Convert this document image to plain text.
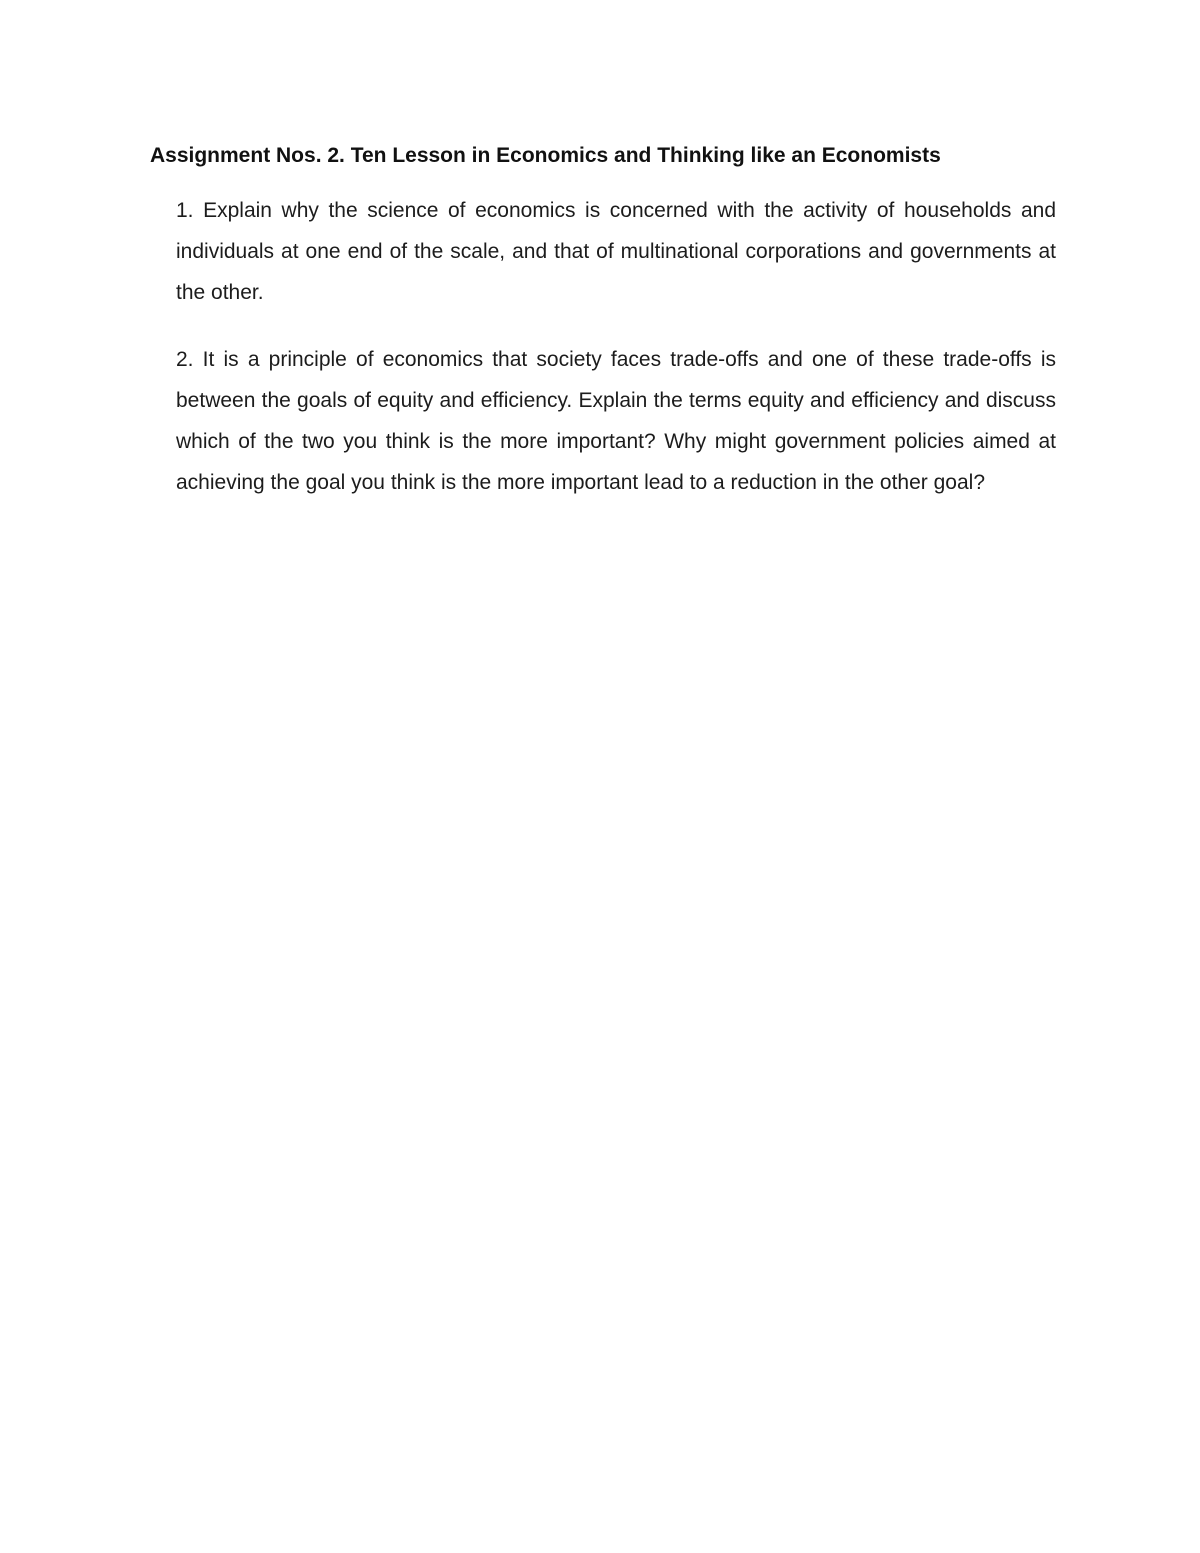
Assignment Nos. 2. Ten Lesson in Economics and Thinking like an Economists

1. Explain why the science of economics is concerned with the activity of households and individuals at one end of the scale, and that of multinational corporations and governments at the other.

2. It is a principle of economics that society faces trade-offs and one of these trade-offs is between the goals of equity and efficiency. Explain the terms equity and efficiency and discuss which of the two you think is the more important? Why might government policies aimed at achieving the goal you think is the more important lead to a reduction in the other goal?
